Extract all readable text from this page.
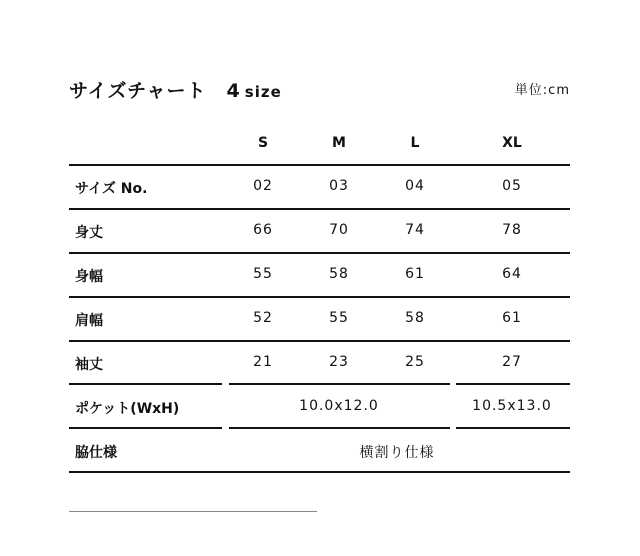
サイズチャート 4 size	単位:cm
S	M	L	XL
サイズ No.	02	03	04	05
身丈	66	70	74	78
身幅	55	58	61	64
肩幅	52	55	58	61
袖丈	21	23	25	27
ポケット(WxH)	10.0x12.0	10.5x13.0
脇仕様	横割り仕様
